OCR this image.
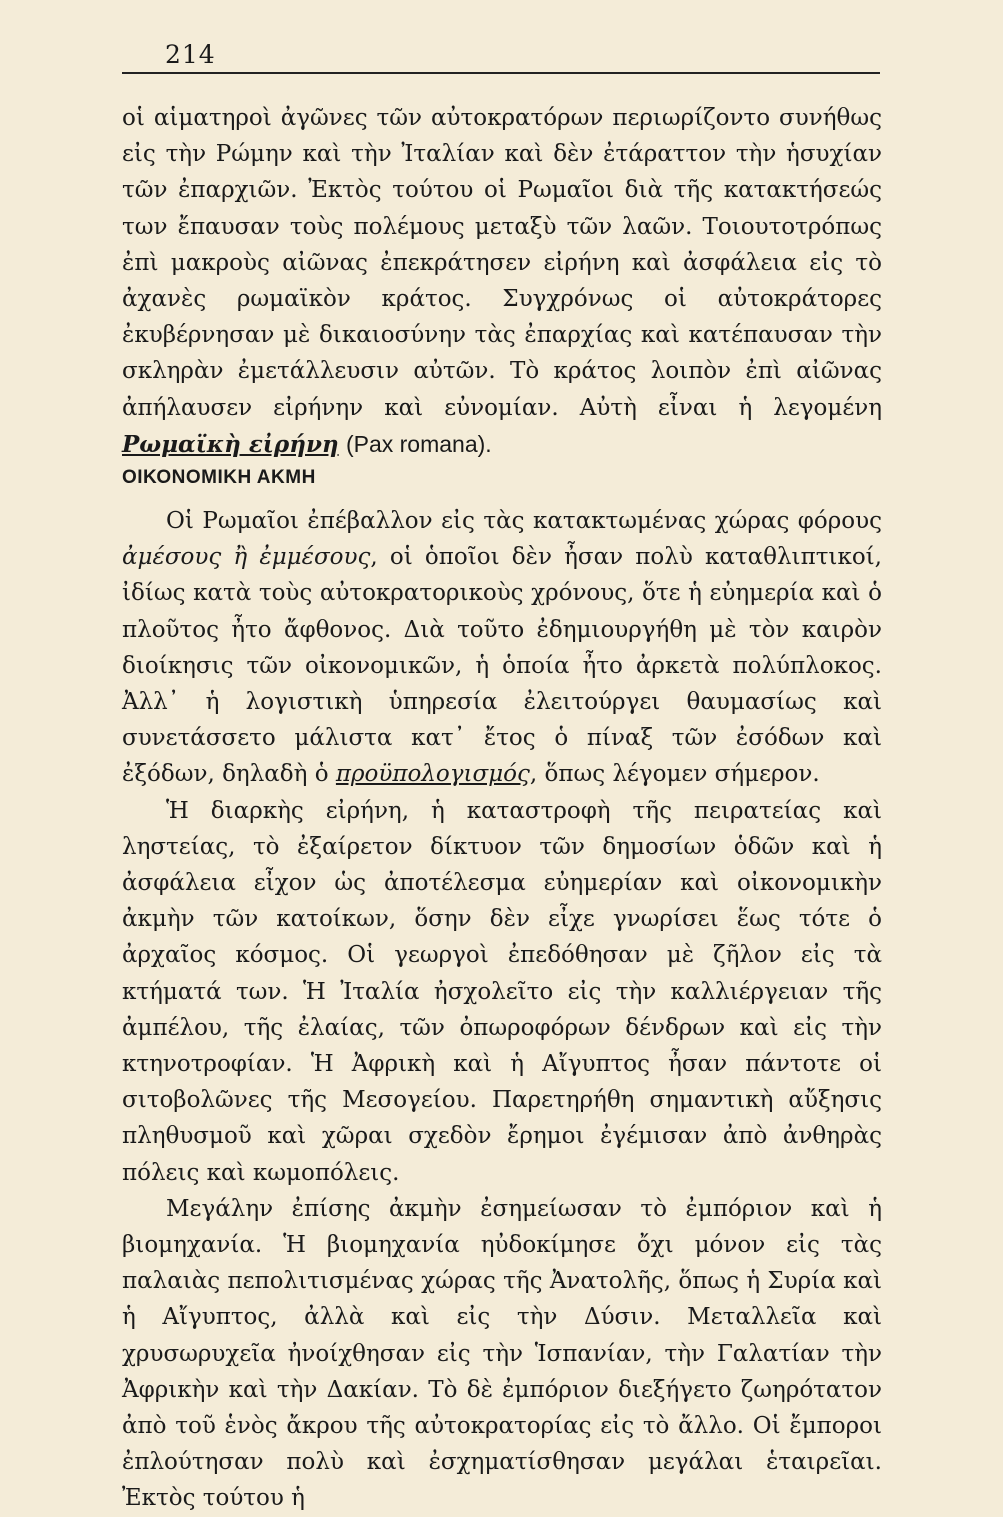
214

οἱ αἱματηροὶ ἀγῶνες τῶν αὐτοκρατόρων περιωρίζοντο συνήθως εἰς τὴν Ρώμην καὶ τὴν Ἰταλίαν καὶ δὲν ἐτάραττον τὴν ἡσυχίαν τῶν ἐπαρχιῶν. Ἐκτὸς τούτου οἱ Ρωμαῖοι διὰ τῆς κατακτήσεώς των ἔπαυσαν τοὺς πολέμους μεταξὺ τῶν λαῶν. Τοιουτοτρόπως ἐπὶ μακροὺς αἰῶνας ἐπεκράτησεν εἰρήνη καὶ ἀσφάλεια εἰς τὸ ἀχανὲς ρωμαϊκὸν κράτος. Συγχρόνως οἱ αὐτοκράτορες ἐκυβέρνησαν μὲ δικαιοσύνην τὰς ἐπαρχίας καὶ κατέπαυσαν τὴν σκληρὰν ἐμετάλλευσιν αὐτῶν. Τὸ κράτος λοιπὸν ἐπὶ αἰῶνας ἀπήλαυσεν εἰρήνην καὶ εὐνομίαν. Αὐτὴ εἶναι ἡ λεγομένη Ρωμαϊκὴ εἰρήνη (Pax romana).

ΟΙΚΟΝΟΜΙΚΗ ΑΚΜΗ

Οἱ Ρωμαῖοι ἐπέβαλλον εἰς τὰς κατακτωμένας χώρας φόρους ἀμέσους ἢ ἐμμέσους, οἱ ὁποῖοι δὲν ἦσαν πολὺ καταθλιπτικοί, ἰδίως κατὰ τοὺς αὐτοκρατορικοὺς χρόνους, ὅτε ἡ εὐημερία καὶ ὁ πλοῦτος ἦτο ἄφθονος. Διὰ τοῦτο ἐδημιουργήθη μὲ τὸν καιρὸν διοίκησις τῶν οἰκονομικῶν, ἡ ὁποία ἦτο ἀρκετὰ πολύπλοκος. Ἀλλ᾽ ἡ λογιστικὴ ὑπηρεσία ἐλειτούργει θαυμασίως καὶ συνετάσσετο μάλιστα κατ᾽ ἔτος ὁ πίναξ τῶν ἐσόδων καὶ ἐξόδων, δηλαδὴ ὁ προϋπολογισμός, ὅπως λέγομεν σήμερον.

Ἡ διαρκὴς εἰρήνη, ἡ καταστροφὴ τῆς πειρατείας καὶ ληστείας, τὸ ἐξαίρετον δίκτυον τῶν δημοσίων ὁδῶν καὶ ἡ ἀσφάλεια εἶχον ὡς ἀποτέλεσμα εὐημερίαν καὶ οἰκονομικὴν ἀκμὴν τῶν κατοίκων, ὅσην δὲν εἶχε γνωρίσει ἕως τότε ὁ ἀρχαῖος κόσμος. Οἱ γεωργοὶ ἐπεδόθησαν μὲ ζῆλον εἰς τὰ κτήματά των. Ἡ Ἰταλία ἠσχολεῖτο εἰς τὴν καλλιέργειαν τῆς ἀμπέλου, τῆς ἐλαίας, τῶν ὀπωροφόρων δένδρων καὶ εἰς τὴν κτηνοτροφίαν. Ἡ Ἀφρικὴ καὶ ἡ Αἴγυπτος ἦσαν πάντοτε οἱ σιτοβολῶνες τῆς Μεσογείου. Παρετηρήθη σημαντικὴ αὔξησις πληθυσμοῦ καὶ χῶραι σχεδὸν ἔρημοι ἐγέμισαν ἀπὸ ἀνθηρὰς πόλεις καὶ κωμοπόλεις.

Μεγάλην ἐπίσης ἀκμὴν ἐσημείωσαν τὸ ἐμπόριον καὶ ἡ βιομηχανία. Ἡ βιομηχανία ηὐδοκίμησε ὄχι μόνον εἰς τὰς παλαιὰς πεπολιτισμένας χώρας τῆς Ἀνατολῆς, ὅπως ἡ Συρία καὶ ἡ Αἴγυπτος, ἀλλὰ καὶ εἰς τὴν Δύσιν. Μεταλλεῖα καὶ χρυσωρυχεῖα ἠνοίχθησαν εἰς τὴν Ἱσπανίαν, τὴν Γαλατίαν τὴν Ἀφρικὴν καὶ τὴν Δακίαν. Τὸ δὲ ἐμπόριον διεξήγετο ζωηρότατον ἀπὸ τοῦ ἑνὸς ἄκρου τῆς αὐτοκρατορίας εἰς τὸ ἄλλο. Οἱ ἔμποροι ἐπλούτησαν πολὺ καὶ ἐσχηματίσθησαν μεγάλαι ἑταιρεῖαι. Ἐκτὸς τούτου ἡ
